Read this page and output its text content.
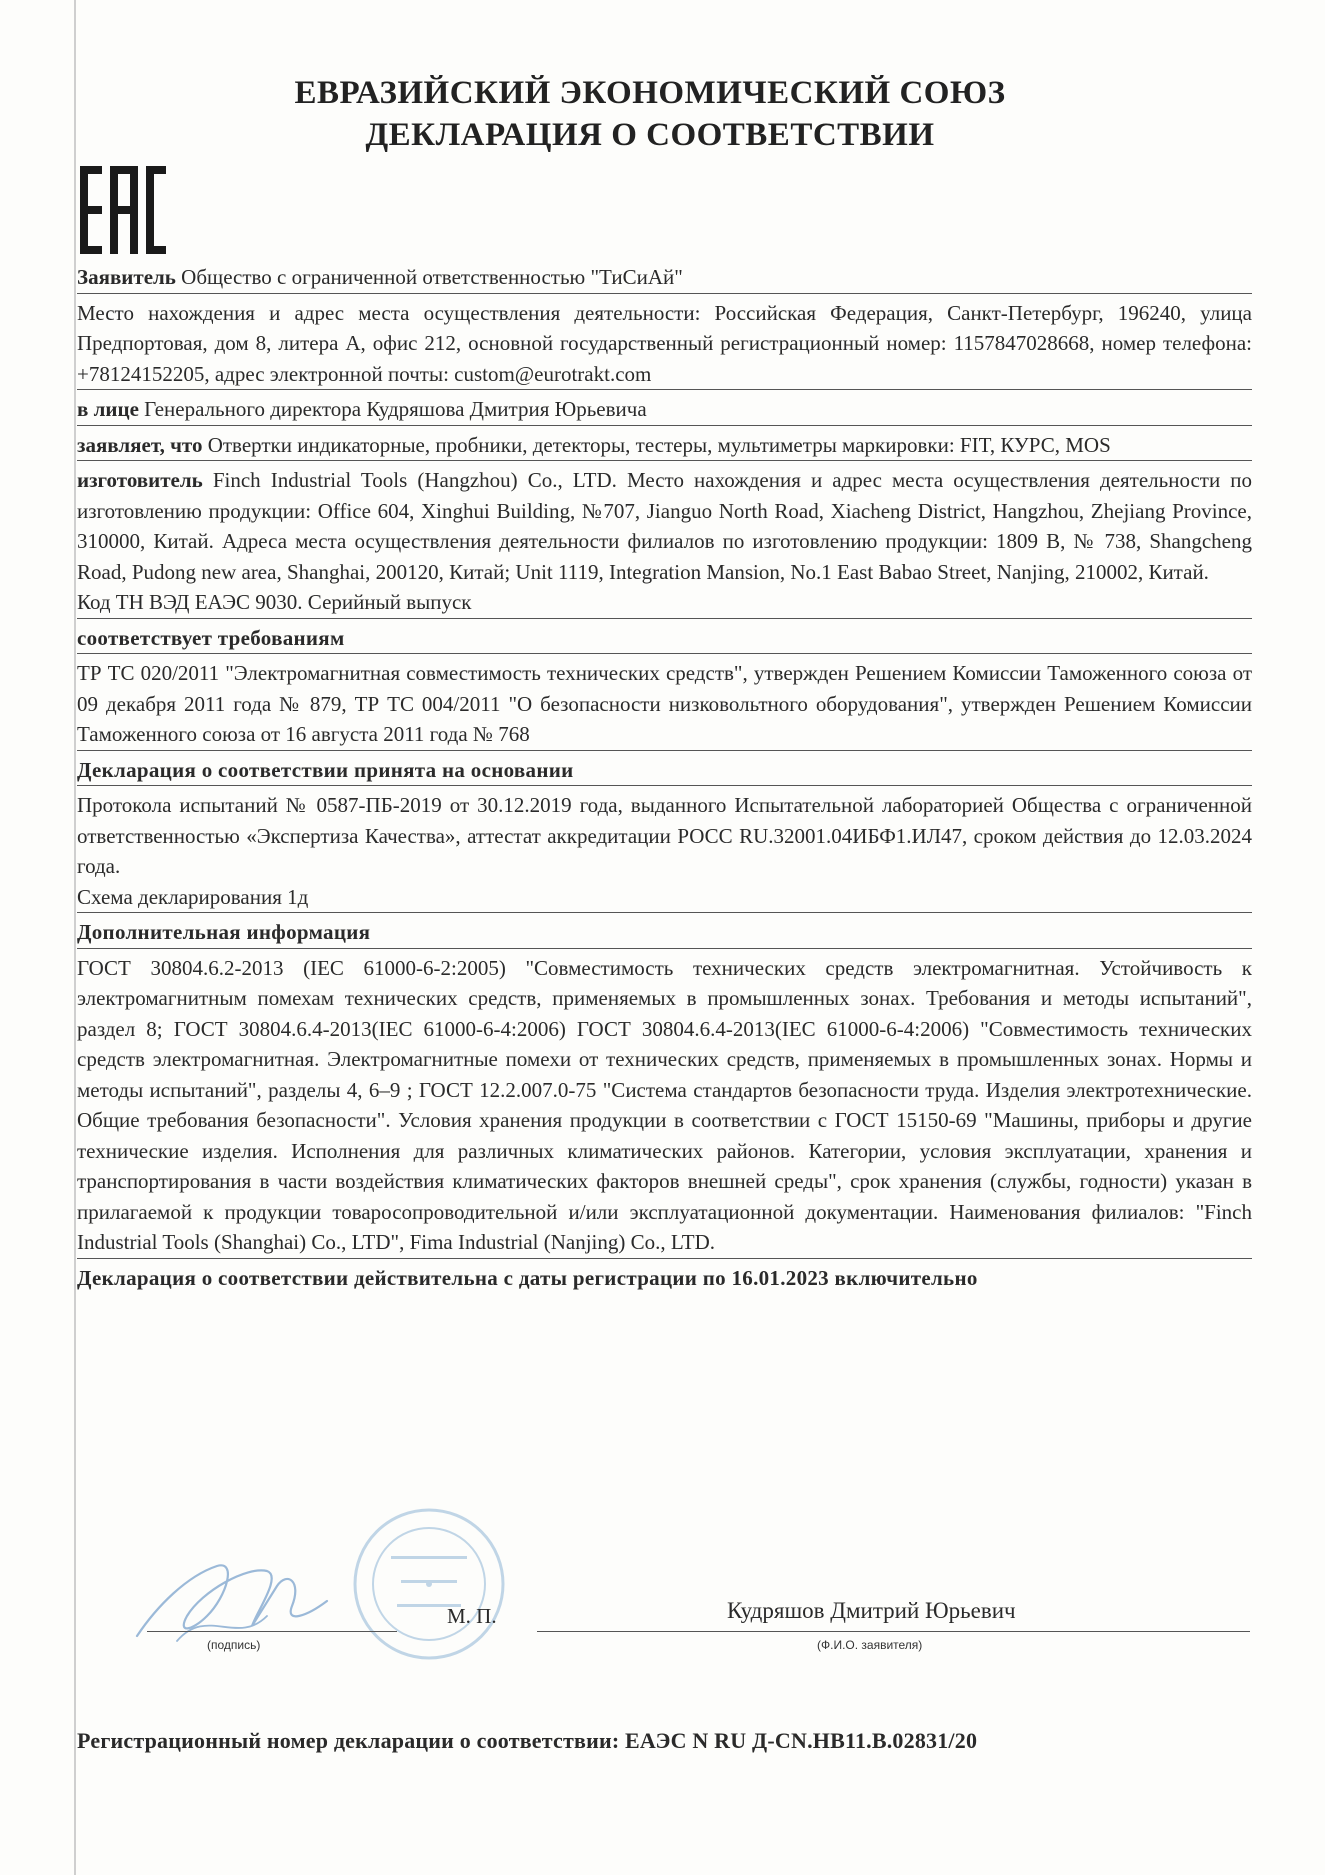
ЕВРАЗИЙСКИЙ ЭКОНОМИЧЕСКИЙ СОЮЗ
ДЕКЛАРАЦИЯ О СООТВЕТСТВИИ
Заявитель Общество с ограниченной ответственностью "ТиСиАй"
Место нахождения и адрес места осуществления деятельности: Российская Федерация, Санкт-Петербург, 196240, улица Предпортовая, дом 8, литера А, офис 212, основной государственный регистрационный номер: 1157847028668, номер телефона: +78124152205, адрес электронной почты: custom@eurotrakt.com
в лице Генерального директора Кудряшова Дмитрия Юрьевича
заявляет, что Отвертки индикаторные, пробники, детекторы, тестеры, мультиметры маркировки: FIT, КУРС, MOS
изготовитель Finch Industrial Tools (Hangzhou) Co., LTD. Место нахождения и адрес места осуществления деятельности по изготовлению продукции: Office 604, Xinghui Building, №707, Jianguo North Road, Xiacheng District, Hangzhou, Zhejiang Province, 310000, Китай. Адреса места осуществления деятельности филиалов по изготовлению продукции: 1809 B, № 738, Shangcheng Road, Pudong new area, Shanghai, 200120, Китай; Unit 1119, Integration Mansion, No.1 East Babao Street, Nanjing, 210002, Китай.
Код ТН ВЭД ЕАЭС 9030. Серийный выпуск
соответствует требованиям
ТР ТС 020/2011 "Электромагнитная совместимость технических средств", утвержден Решением Комиссии Таможенного союза от 09 декабря 2011 года № 879, ТР ТС 004/2011 "О безопасности низковольтного оборудования", утвержден Решением Комиссии Таможенного союза от 16 августа 2011 года № 768
Декларация о соответствии принята на основании
Протокола испытаний № 0587-ПБ-2019 от 30.12.2019 года, выданного Испытательной лабораторией Общества с ограниченной ответственностью «Экспертиза Качества», аттестат аккредитации РОСС RU.32001.04ИБФ1.ИЛ47, сроком действия до 12.03.2024 года.
Схема декларирования 1д
Дополнительная информация
ГОСТ 30804.6.2-2013 (IEC 61000-6-2:2005) "Совместимость технических средств электромагнитная. Устойчивость к электромагнитным помехам технических средств, применяемых в промышленных зонах. Требования и методы испытаний", раздел 8; ГОСТ 30804.6.4-2013(IEC 61000-6-4:2006) ГОСТ 30804.6.4-2013(IEC 61000-6-4:2006) "Совместимость технических средств электромагнитная. Электромагнитные помехи от технических средств, применяемых в промышленных зонах. Нормы и методы испытаний", разделы 4, 6–9 ; ГОСТ 12.2.007.0-75 "Система стандартов безопасности труда. Изделия электротехнические. Общие требования безопасности". Условия хранения продукции в соответствии с ГОСТ 15150-69 "Машины, приборы и другие технические изделия. Исполнения для различных климатических районов. Категории, условия эксплуатации, хранения и транспортирования в части воздействия климатических факторов внешней среды", срок хранения (службы, годности) указан в прилагаемой к продукции товаросопроводительной и/или эксплуатационной документации. Наименования филиалов: "Finch Industrial Tools (Shanghai) Co., LTD", Fima Industrial (Nanjing) Co., LTD.
Декларация о соответствии действительна с даты регистрации по 16.01.2023 включительно
М. П.	Кудряшов Дмитрий Юрьевич
(подпись)	(Ф.И.О. заявителя)
Регистрационный номер декларации о соответствии: ЕАЭС N RU Д-CN.НВ11.В.02831/20
